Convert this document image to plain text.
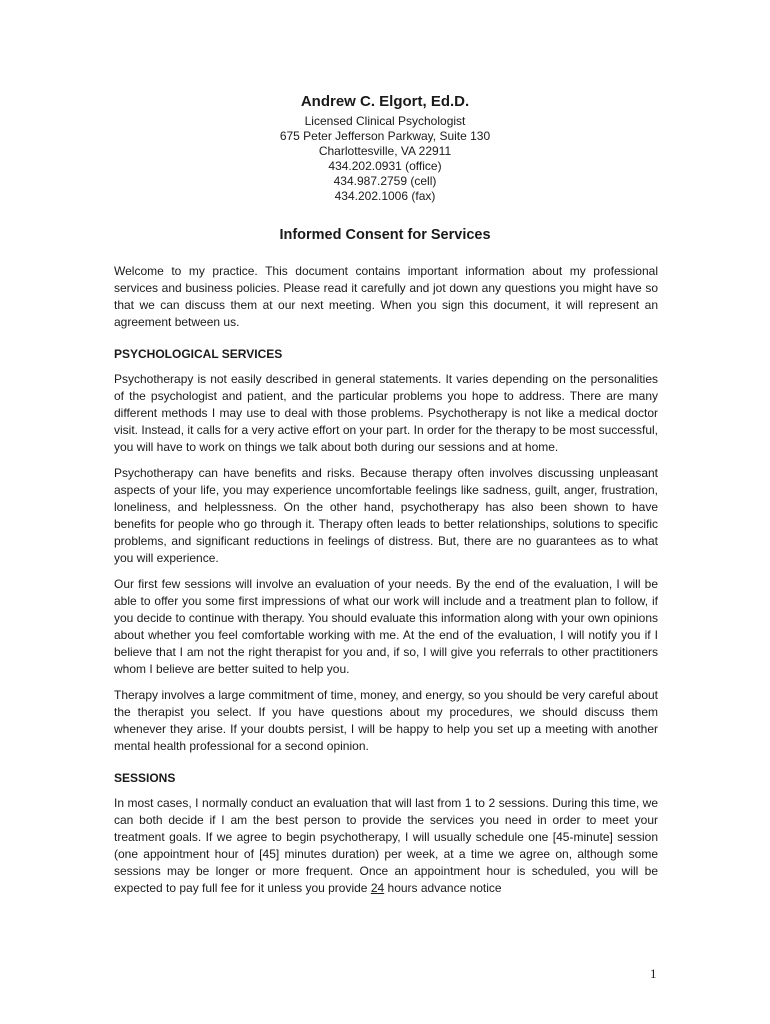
Andrew C. Elgort, Ed.D.
Licensed Clinical Psychologist
675 Peter Jefferson Parkway, Suite 130
Charlottesville, VA 22911
434.202.0931 (office)
434.987.2759 (cell)
434.202.1006 (fax)
Informed Consent for Services

Welcome to my practice. This document contains important information about my professional services and business policies. Please read it carefully and jot down any questions you might have so that we can discuss them at our next meeting. When you sign this document, it will represent an agreement between us.

PSYCHOLOGICAL SERVICES

Psychotherapy is not easily described in general statements. It varies depending on the personalities of the psychologist and patient, and the particular problems you hope to address. There are many different methods I may use to deal with those problems. Psychotherapy is not like a medical doctor visit. Instead, it calls for a very active effort on your part. In order for the therapy to be most successful, you will have to work on things we talk about both during our sessions and at home.

Psychotherapy can have benefits and risks. Because therapy often involves discussing unpleasant aspects of your life, you may experience uncomfortable feelings like sadness, guilt, anger, frustration, loneliness, and helplessness. On the other hand, psychotherapy has also been shown to have benefits for people who go through it. Therapy often leads to better relationships, solutions to specific problems, and significant reductions in feelings of distress. But, there are no guarantees as to what you will experience.

Our first few sessions will involve an evaluation of your needs. By the end of the evaluation, I will be able to offer you some first impressions of what our work will include and a treatment plan to follow, if you decide to continue with therapy. You should evaluate this information along with your own opinions about whether you feel comfortable working with me. At the end of the evaluation, I will notify you if I believe that I am not the right therapist for you and, if so, I will give you referrals to other practitioners whom I believe are better suited to help you.

Therapy involves a large commitment of time, money, and energy, so you should be very careful about the therapist you select. If you have questions about my procedures, we should discuss them whenever they arise. If your doubts persist, I will be happy to help you set up a meeting with another mental health professional for a second opinion.

SESSIONS

In most cases, I normally conduct an evaluation that will last from 1 to 2 sessions. During this time, we can both decide if I am the best person to provide the services you need in order to meet your treatment goals. If we agree to begin psychotherapy, I will usually schedule one [45-minute] session (one appointment hour of [45] minutes duration) per week, at a time we agree on, although some sessions may be longer or more frequent. Once an appointment hour is scheduled, you will be expected to pay full fee for it unless you provide 24 hours advance notice

1
